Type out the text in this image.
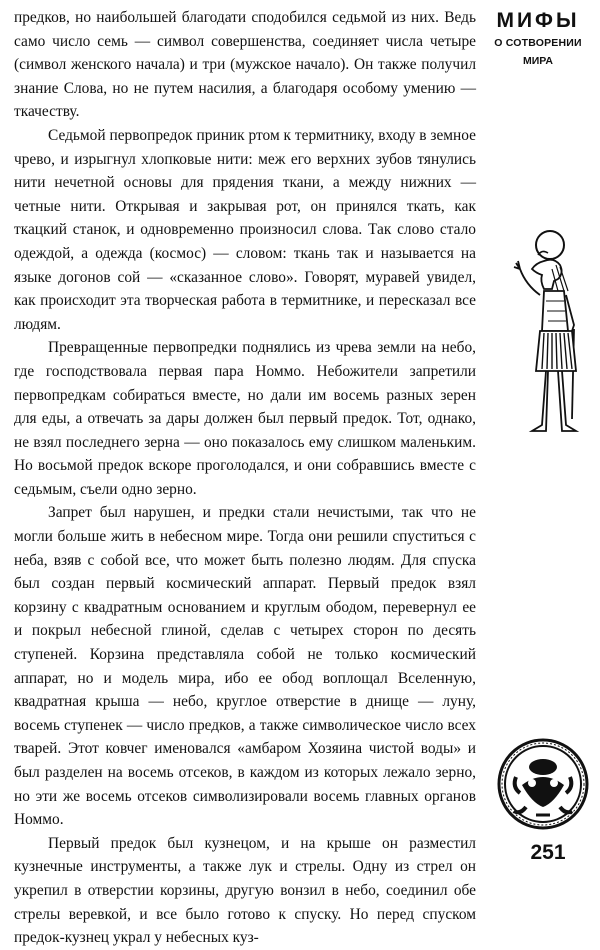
предков, но наибольшей благодати сподобился седьмой из них. Ведь само число семь — символ совершенства, соединяет числа четыре (символ женского начала) и три (мужское начало). Он также получил знание Слова, но не путем насилия, а благодаря особому умению — ткачеству.

Седьмой первопредок приник ртом к термитнику, входу в земное чрево, и изрыгнул хлопковые нити: меж его верхних зубов тянулись нити нечетной основы для прядения ткани, а между нижних — четные нити. Открывая и закрывая рот, он принялся ткать, как ткацкий станок, и одновременно произносил слова. Так слово стало одеждой, а одежда (космос) — словом: ткань так и называется на языке догонов сой — «сказанное слово». Говорят, муравей увидел, как происходит эта творческая работа в термитнике, и пересказал все людям.

Превращенные первопредки поднялись из чрева земли на небо, где господствовала первая пара Номмо. Небожители запретили первопредкам собираться вместе, но дали им восемь разных зерен для еды, а отвечать за дары должен был первый предок. Тот, однако, не взял последнего зерна — оно показалось ему слишком маленьким. Но восьмой предок вскоре проголодался, и они собравшись вместе с седьмым, съели одно зерно.

Запрет был нарушен, и предки стали нечистыми, так что не могли больше жить в небесном мире. Тогда они решили спуститься с неба, взяв с собой все, что может быть полезно людям. Для спуска был создан первый космический аппарат. Первый предок взял корзину с квадратным основанием и круглым ободом, перевернул ее и покрыл небесной глиной, сделав с четырех сторон по десять ступеней. Корзина представляла собой не только космический аппарат, но и модель мира, ибо ее обод воплощал Вселенную, квадратная крыша — небо, круглое отверстие в днище — луну, восемь ступенек — число предков, а также символическое число всех тварей. Этот ковчег именовался «амбаром Хозяина чистой воды» и был разделен на восемь отсеков, в каждом из которых лежало зерно, но эти же восемь отсеков символизировали восемь главных органов Номмо.

Первый предок был кузнецом, и на крыше он разместил кузнечные инструменты, а также лук и стрелы. Одну из стрел он укрепил в отверстии корзины, другую вонзил в небо, соединил обе стрелы веревкой, и все было готово к спуску. Но перед спуском предок-кузнец украл у небесных куз-

МИФЫ
О СОТВОРЕНИИ
МИРА
251
